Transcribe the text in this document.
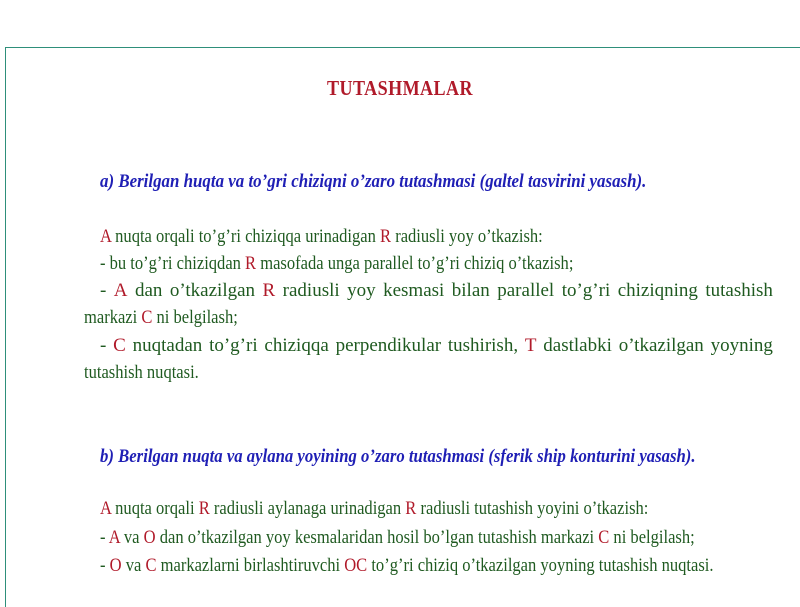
TUTASHMALAR
a) Berilgan huqta va to’gri chiziqni o’zaro tutashmasi (galtel tasvirini yasash).
A nuqta orqali to’g’ri chiziqqa urinadigan R radiusli yoy o’tkazish:
- bu to’g’ri chiziqdan R masofada unga parallel to’g’ri chiziq o’tkazish;
- A dan o’tkazilgan R radiusli yoy kesmasi bilan parallel to’g’ri chiziqning tutashish
markazi C ni belgilash;
- C nuqtadan to’g’ri chiziqqa perpendikular tushirish, T dastlabki o’tkazilgan yoyning
tutashish nuqtasi.
b) Berilgan nuqta va aylana yoyining o’zaro tutashmasi (sferik ship konturini yasash).
A nuqta orqali R radiusli aylanaga urinadigan R radiusli tutashish yoyini o’tkazish:
- A va O dan o’tkazilgan yoy kesmalaridan hosil bo’lgan tutashish markazi C ni belgilash;
- O va C markazlarni birlashtiruvchi OC to’g’ri chiziq o’tkazilgan yoyning tutashish nuqtasi.
